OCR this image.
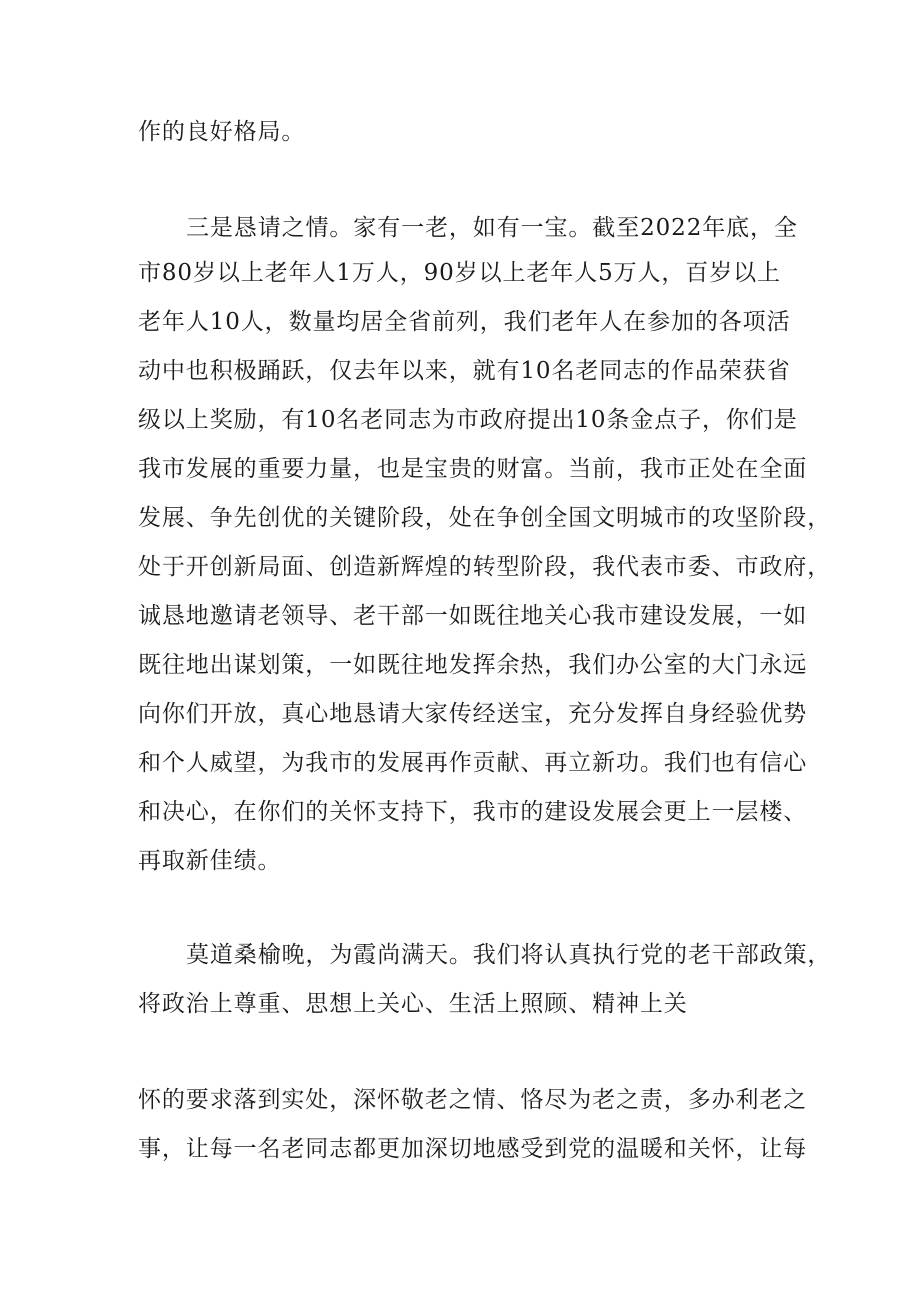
作的良好格局。
三是恳请之情。家有一老，如有一宝。截至2022年底，全
市80岁以上老年人1万人，90岁以上老年人5万人，百岁以上
老年人10人，数量均居全省前列，我们老年人在参加的各项活
动中也积极踊跃，仅去年以来，就有10名老同志的作品荣获省
级以上奖励，有10名老同志为市政府提出10条金点子，你们是
我市发展的重要力量，也是宝贵的财富。当前，我市正处在全面
发展、争先创优的关键阶段，处在争创全国文明城市的攻坚阶段，
处于开创新局面、创造新辉煌的转型阶段，我代表市委、市政府，
诚恳地邀请老领导、老干部一如既往地关心我市建设发展，一如
既往地出谋划策，一如既往地发挥余热，我们办公室的大门永远
向你们开放，真心地恳请大家传经送宝，充分发挥自身经验优势
和个人威望，为我市的发展再作贡献、再立新功。我们也有信心
和决心，在你们的关怀支持下，我市的建设发展会更上一层楼、
再取新佳绩。
莫道桑榆晚，为霞尚满天。我们将认真执行党的老干部政策，
将政治上尊重、思想上关心、生活上照顾、精神上关
怀的要求落到实处，深怀敬老之情、恪尽为老之责，多办利老之
事，让每一名老同志都更加深切地感受到党的温暖和关怀，让每
